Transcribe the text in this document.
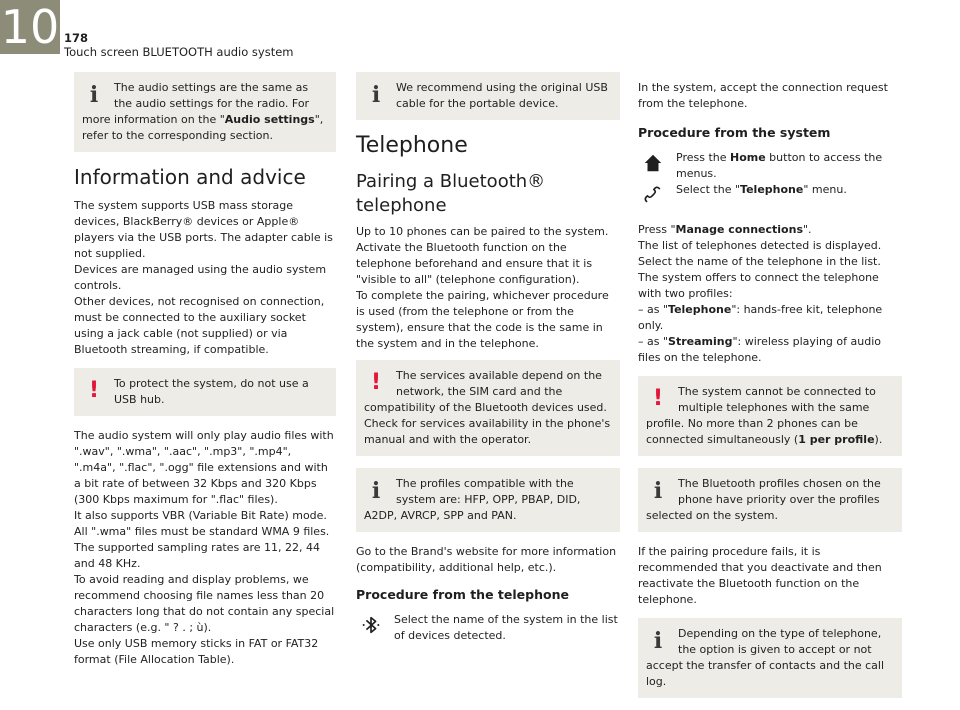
10 178
Touch screen BLUETOOTH audio system
i	The audio settings are the same as the audio settings for the radio. For more information on the "Audio settings", refer to the corresponding section.

Information and advice

The system supports USB mass storage devices, BlackBerry® devices or Apple® players via the USB ports. The adapter cable is not supplied.

Devices are managed using the audio system controls.

Other devices, not recognised on connection, must be connected to the auxiliary socket using a jack cable (not supplied) or via Bluetooth streaming, if compatible.

!	To protect the system, do not use a USB hub.

The audio system will only play audio files with ".wav", ".wma", ".aac", ".mp3", ".mp4", ".m4a", ".flac", ".ogg" file extensions and with a bit rate of between 32 Kbps and 320 Kbps (300 Kbps maximum for ".flac" files).

It also supports VBR (Variable Bit Rate) mode.

All ".wma" files must be standard WMA 9 files.

The supported sampling rates are 11, 22, 44 and 48 KHz.

To avoid reading and display problems, we recommend choosing file names less than 20 characters long that do not contain any special characters (e.g. " ? . ; ù).

Use only USB memory sticks in FAT or FAT32 format (File Allocation Table).

i	We recommend using the original USB cable for the portable device.

Telephone
Pairing a Bluetooth® telephone

Up to 10 phones can be paired to the system.

Activate the Bluetooth function on the telephone beforehand and ensure that it is "visible to all" (telephone configuration).

To complete the pairing, whichever procedure is used (from the telephone or from the system), ensure that the code is the same in the system and in the telephone.

!	The services available depend on the network, the SIM card and the compatibility of the Bluetooth devices used. Check for services availability in the phone's manual and with the operator.

i	The profiles compatible with the system are: HFP, OPP, PBAP, DID, A2DP, AVRCP, SPP and PAN.

Go to the Brand's website for more information (compatibility, additional help, etc.).

Procedure from the telephone

Select the name of the system in the list of devices detected.

In the system, accept the connection request from the telephone.

Procedure from the system

Press the Home button to access the menus.

Select the "Telephone" menu.

Press "Manage connections".

The list of telephones detected is displayed.

Select the name of the telephone in the list.

The system offers to connect the telephone with two profiles:

– as "Telephone": hands-free kit, telephone only.

– as "Streaming": wireless playing of audio files on the telephone.

!	The system cannot be connected to multiple telephones with the same profile. No more than 2 phones can be connected simultaneously (1 per profile).

i	The Bluetooth profiles chosen on the phone have priority over the profiles selected on the system.

If the pairing procedure fails, it is recommended that you deactivate and then reactivate the Bluetooth function on the telephone.

i	Depending on the type of telephone, the option is given to accept or not accept the transfer of contacts and the call log.
